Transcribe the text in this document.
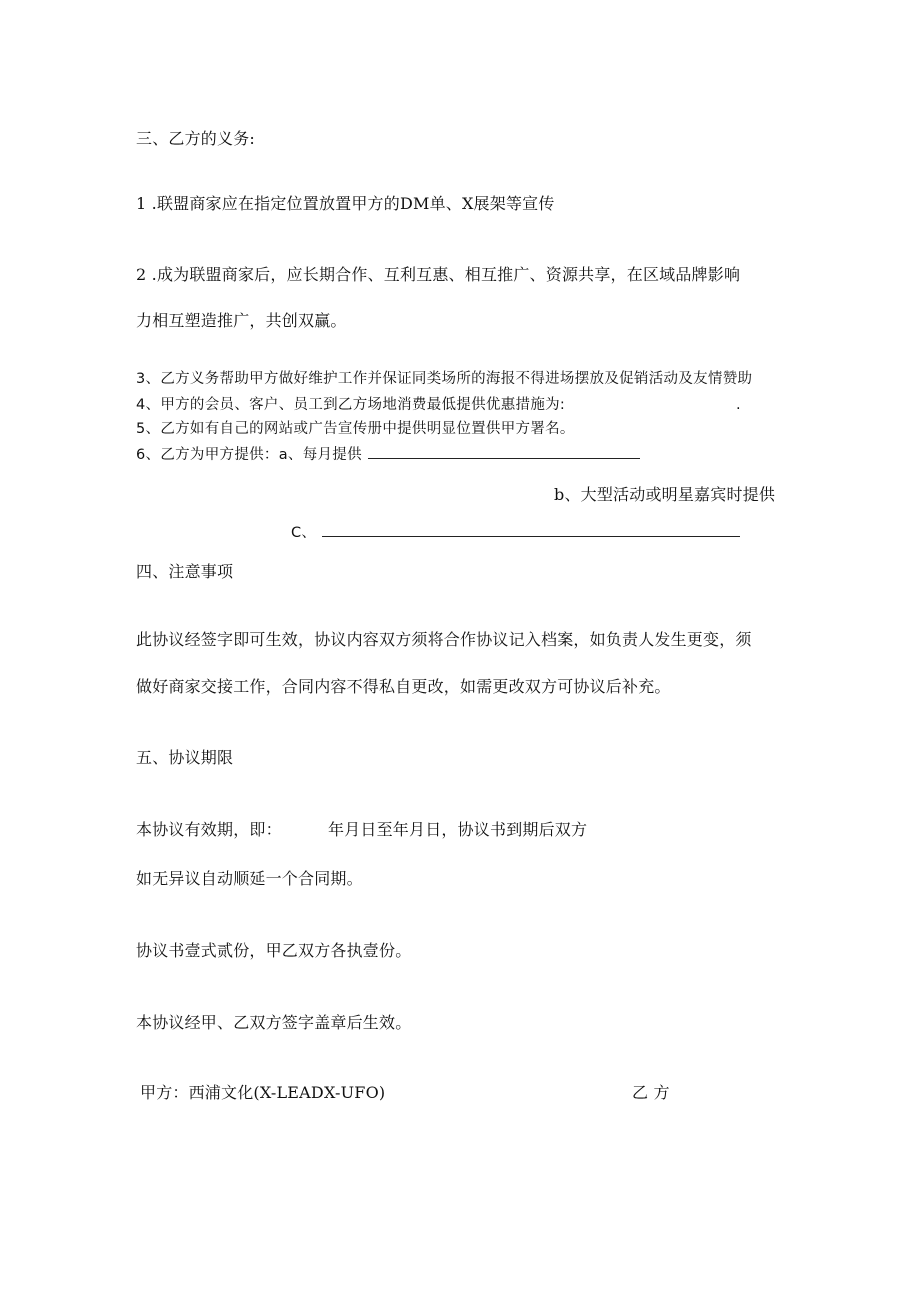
三、乙方的义务:
1 .联盟商家应在指定位置放置甲方的DM单、X展架等宣传
2 .成为联盟商家后，应长期合作、互利互惠、相互推广、资源共享，在区域品牌影响
力相互塑造推广，共创双赢。
3、乙方义务帮助甲方做好维护工作并保证同类场所的海报不得进场摆放及促销活动及友情赞助
4、甲方的会员、客户、员工到乙方场地消费最低提供优惠措施为:	.
5、乙方如有自己的网站或广告宣传册中提供明显位置供甲方署名。
6、乙方为甲方提供：a、每月提供
b、大型活动或明星嘉宾时提供
C、
四、注意事项
此协议经签字即可生效，协议内容双方须将合作协议记入档案，如负责人发生更变，须
做好商家交接工作，合同内容不得私自更改，如需更改双方可协议后补充。
五、协议期限
本协议有效期，即：	年月日至年月日，协议书到期后双方
如无异议自动顺延一个合同期。
协议书壹式贰份，甲乙双方各执壹份。
本协议经甲、乙双方签字盖章后生效。
甲方：西浦文化(X-LEADX-UFO)	乙 方
